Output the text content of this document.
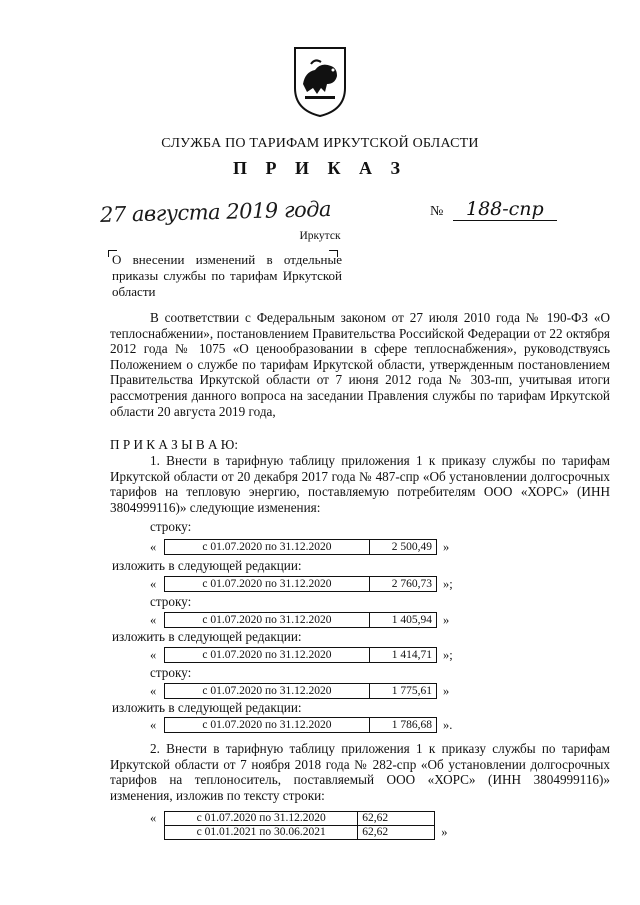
СЛУЖБА ПО ТАРИФАМ ИРКУТСКОЙ ОБЛАСТИ
П Р И К А З
27 августа 2019 года	№ 188-спр
Иркутск
О внесении изменений в отдельные приказы службы по тарифам Иркутской области
В соответствии с Федеральным законом от 27 июля 2010 года № 190-ФЗ «О теплоснабжении», постановлением Правительства Российской Федерации от 22 октября 2012 года № 1075 «О ценообразовании в сфере теплоснабжения», руководствуясь Положением о службе по тарифам Иркутской области, утвержденным постановлением Правительства Иркутской области от 7 июня 2012 года № 303-пп, учитывая итоги рассмотрения данного вопроса на заседании Правления службы по тарифам Иркутской области 20 августа 2019 года,
П Р И К А З Ы В А Ю:
1. Внести в тарифную таблицу приложения 1 к приказу службы по тарифам Иркутской области от 20 декабря 2017 года № 487-спр «Об установлении долгосрочных тарифов на тепловую энергию, поставляемую потребителям ООО «ХОРС» (ИНН 3804999116)» следующие изменения:
строку:
«	с 01.07.2020 по 31.12.2020	2 500,49 »
изложить в следующей редакции:
«	с 01.07.2020 по 31.12.2020	2 760,73 »;
строку:
«	с 01.07.2020 по 31.12.2020	1 405,94 »
изложить в следующей редакции:
«	с 01.07.2020 по 31.12.2020	1 414,71 »;
строку:
«	с 01.07.2020 по 31.12.2020	1 775,61 »
изложить в следующей редакции:
«	с 01.07.2020 по 31.12.2020	1 786,68 ».
2. Внести в тарифную таблицу приложения 1 к приказу службы по тарифам Иркутской области от 7 ноября 2018 года № 282-спр «Об установлении долгосрочных тарифов на теплоноситель, поставляемый ООО «ХОРС» (ИНН 3804999116)» изменения, изложив по тексту строки:
«	с 01.07.2020 по 31.12.2020	62,62
с 01.01.2021 по 30.06.2021	62,62	»
